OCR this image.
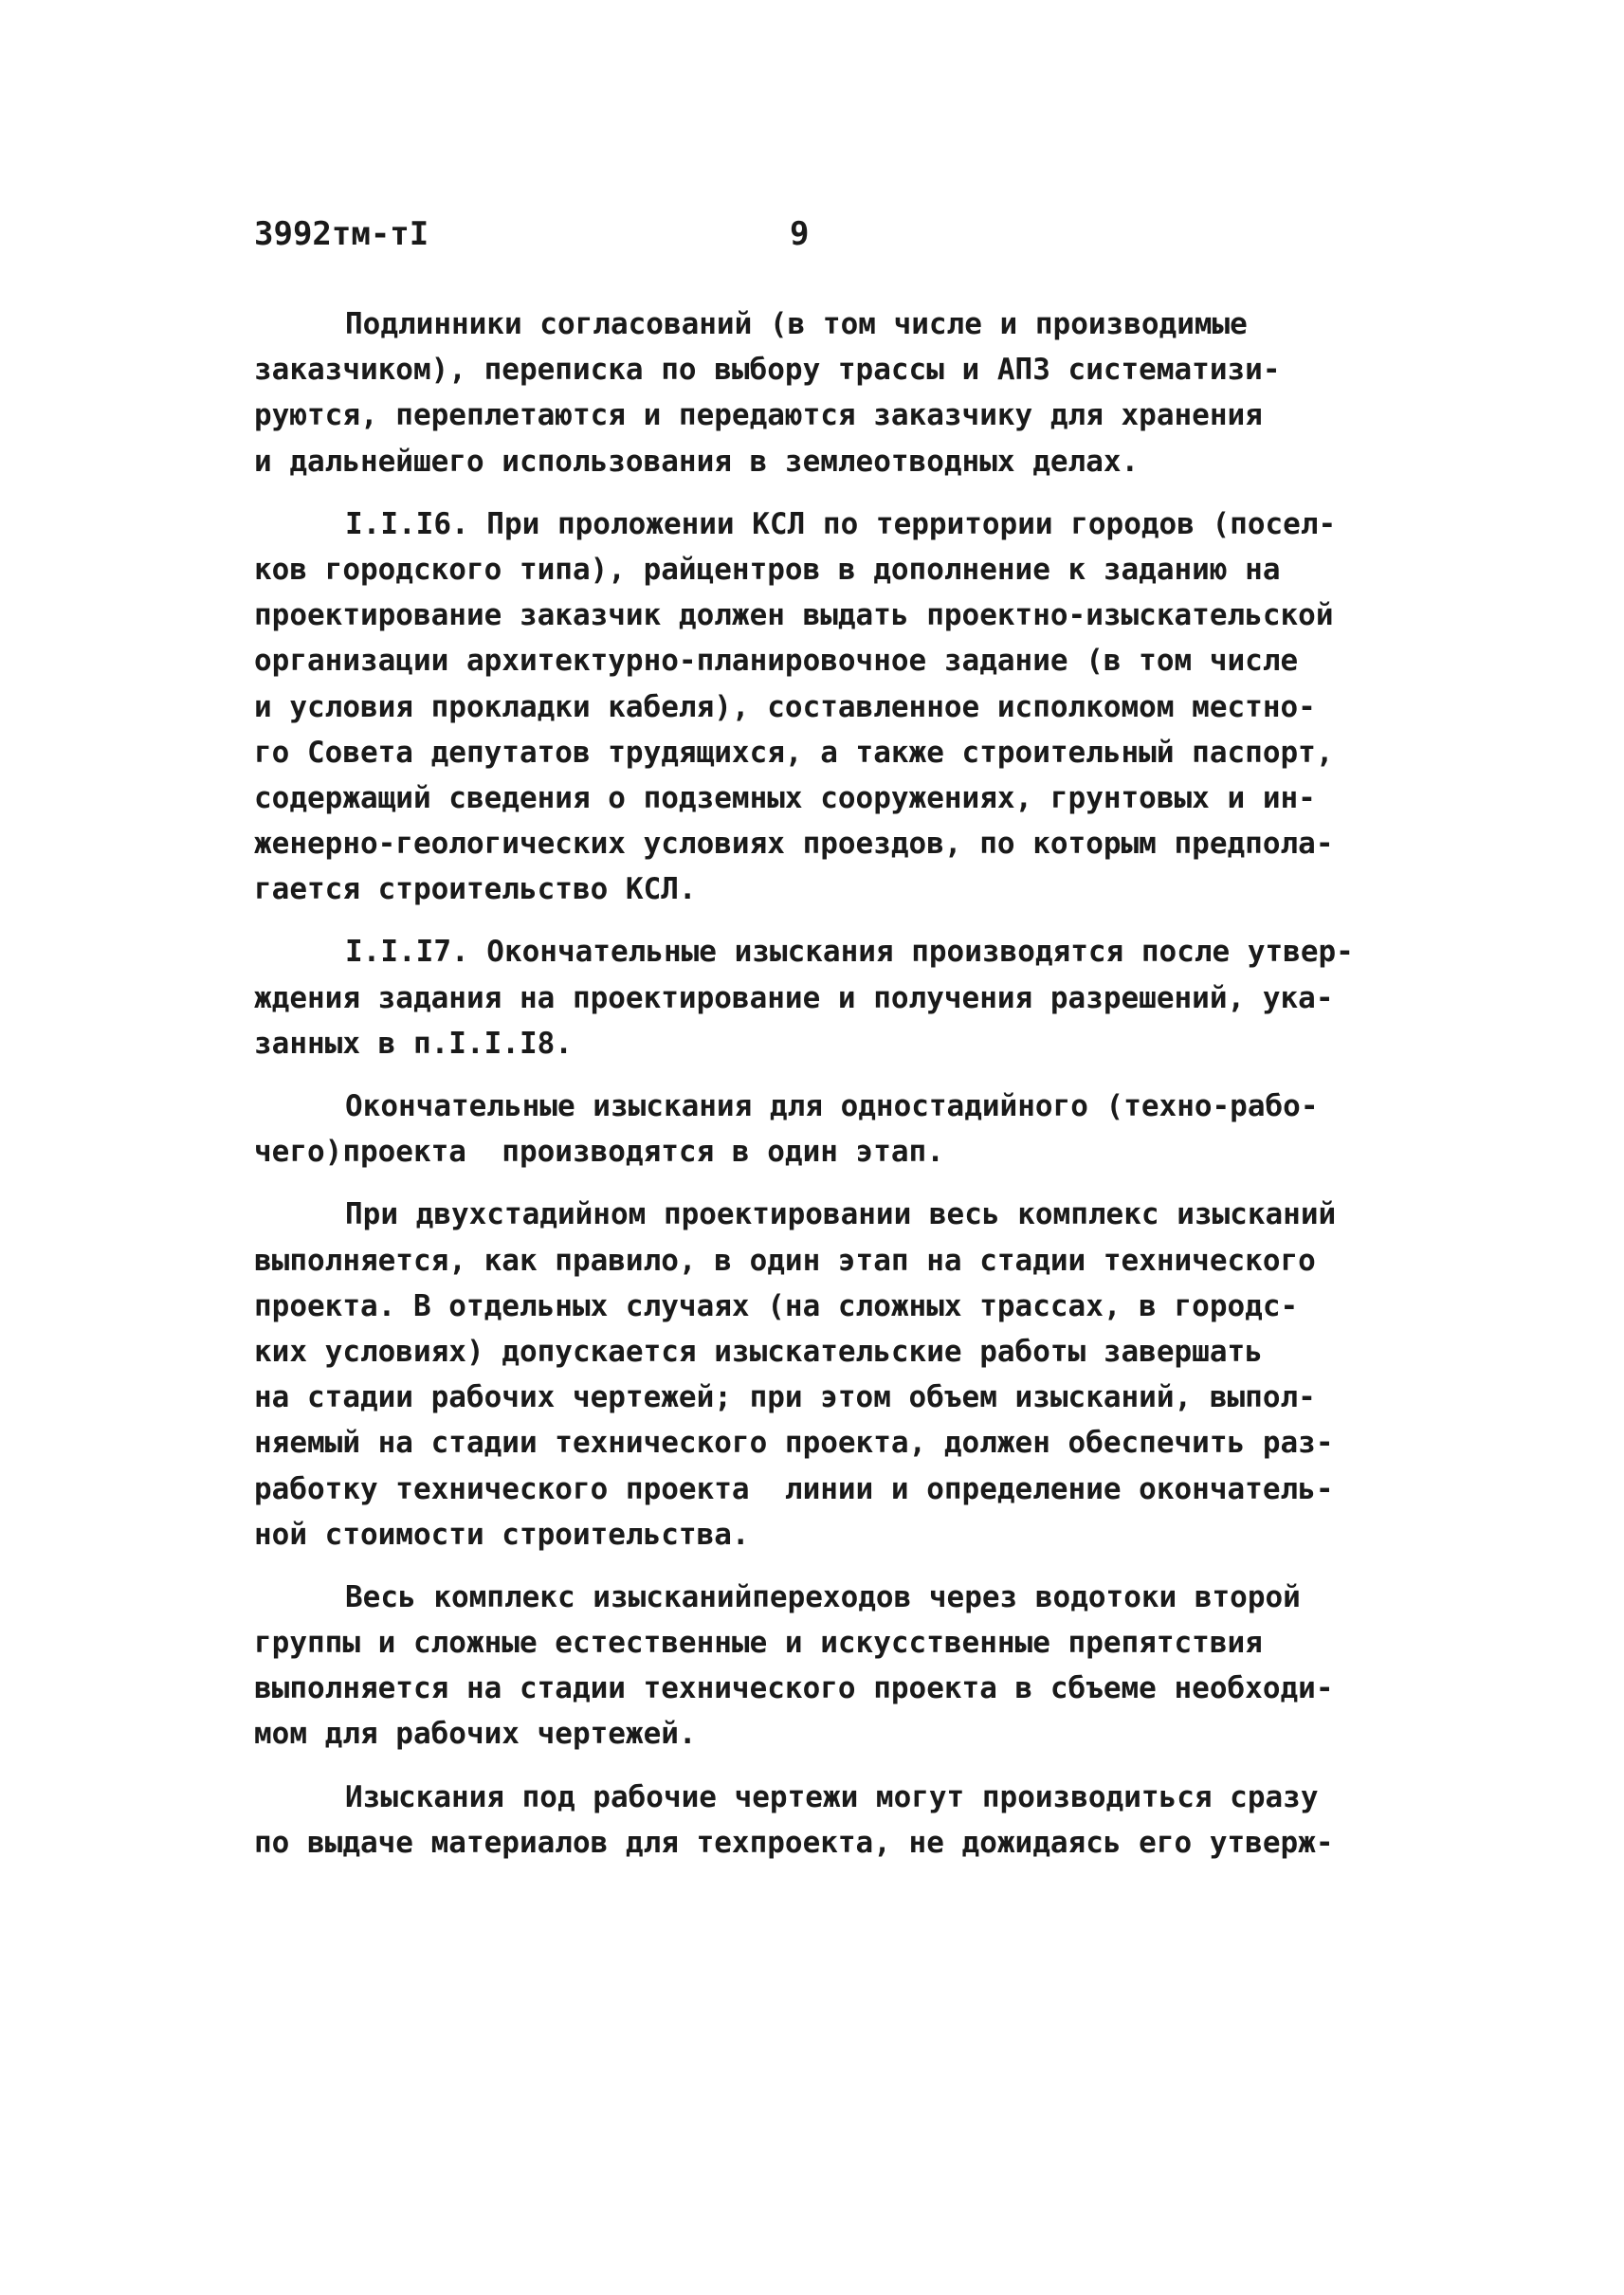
3992тм-тI	9
Подлинники согласований (в том числе и производимые
заказчиком), переписка по выбору трассы и АПЗ систематизи-
руются, переплетаются и передаются заказчику для хранения
и дальнейшего использования в землеотводных делах.
I.I.I6. При проложении КСЛ по территории городов (посел-
ков городского типа), райцентров в дополнение к заданию на
проектирование заказчик должен выдать проектно-изыскательской
организации архитектурно-планировочное задание (в том числе
и условия прокладки кабеля), составленное исполкомом местно-
го Совета депутатов трудящихся, а также строительный паспорт,
содержащий сведения о подземных сооружениях, грунтовых и ин-
женерно-геологических условиях проездов, по которым предпола-
гается строительство КСЛ.
I.I.I7. Окончательные изыскания производятся после утвер-
ждения задания на проектирование и получения разрешений, ука-
занных в п.I.I.I8.
Окончательные изыскания для одностадийного (техно-рабо-
чего)проекта  производятся в один этап.
При двухстадийном проектировании весь комплекс изысканий
выполняется, как правило, в один этап на стадии технического
проекта. В отдельных случаях (на сложных трассах, в городс-
ких условиях) допускается изыскательские работы завершать
на стадии рабочих чертежей; при этом объем изысканий, выпол-
няемый на стадии технического проекта, должен обеспечить раз-
работку технического проекта  линии и определение окончатель-
ной стоимости строительства.
Весь комплекс изысканийпереходов через водотоки второй
группы и сложные естественные и искусственные препятствия
выполняется на стадии технического проекта в сбъеме необходи-
мом для рабочих чертежей.
Изыскания под рабочие чертежи могут производиться сразу
по выдаче материалов для техпроекта, не дожидаясь его утверж-
